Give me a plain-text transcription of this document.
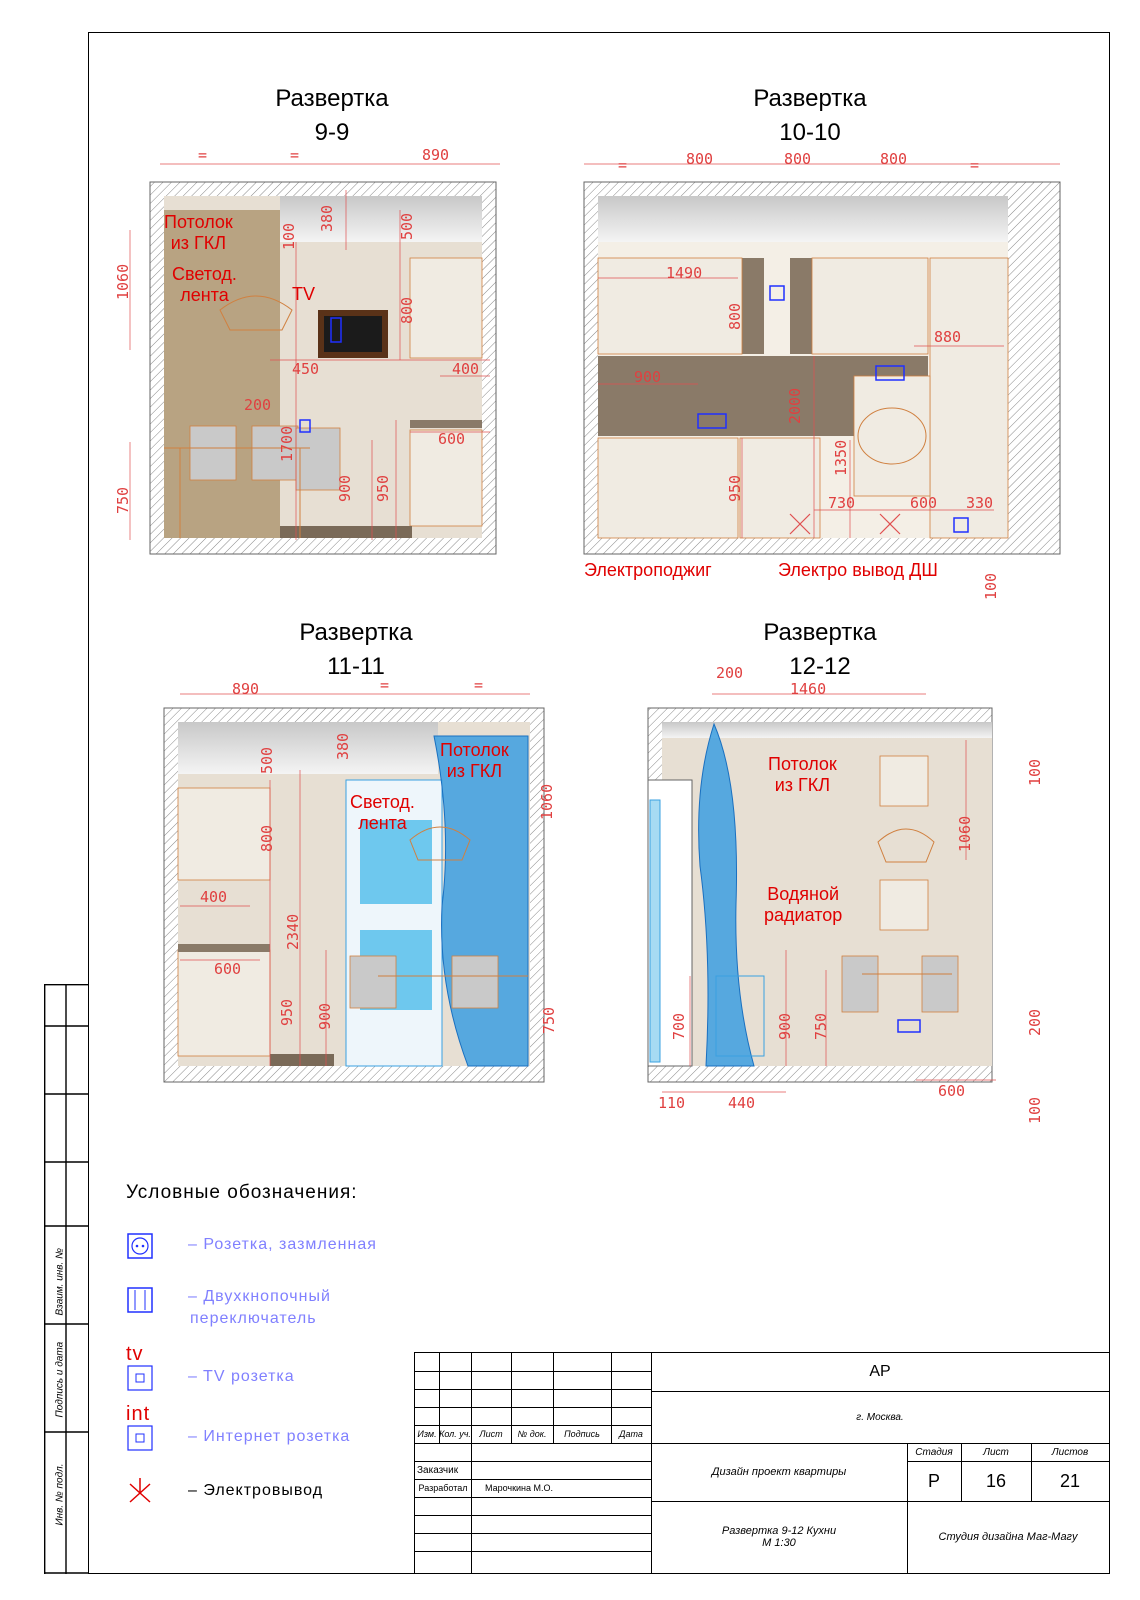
Взаим. инв. №
Подпись и дата
Инв. № подл.
Развертка
9-9
Развертка
10-10
Развертка
11-11
Развертка
12-12
Потолок
из ГКЛ
Светод.
лента	TV
=	=	890
1060
100
380	500
800
450	400
200
1700	600
900 950
750
=	800	800	800	=
1490
800
880
900
2000
950
1350
730	600 330
100
Электроподжиг	Электро вывод ДШ
890	=	=
500
380
800
1060
400
2340
600
950 900	750
Потолок
из ГКЛ
Светод.
лента
200
1460
100
1060
700	900 750	200
600
100
110	440
Потолок
из ГКЛ
Водяной
радиатор
Условные обозначения:
– Розетка, зазмленная
– Двухкнопочный
переключатель
tv
– TV розетка
int
– Интернет розетка
– Электровывод
АР
г. Москва.
Изм. Кол. уч. Лист	№ док.	Подпись	Дата
Заказчик
Разработал	Марочкина М.О.
Дизайн проект квартиры
Развертка 9-12 Кухни
М 1:30
Стадия	Лист	Листов
Р	16	21
Студия дизайна Маг-Магу
